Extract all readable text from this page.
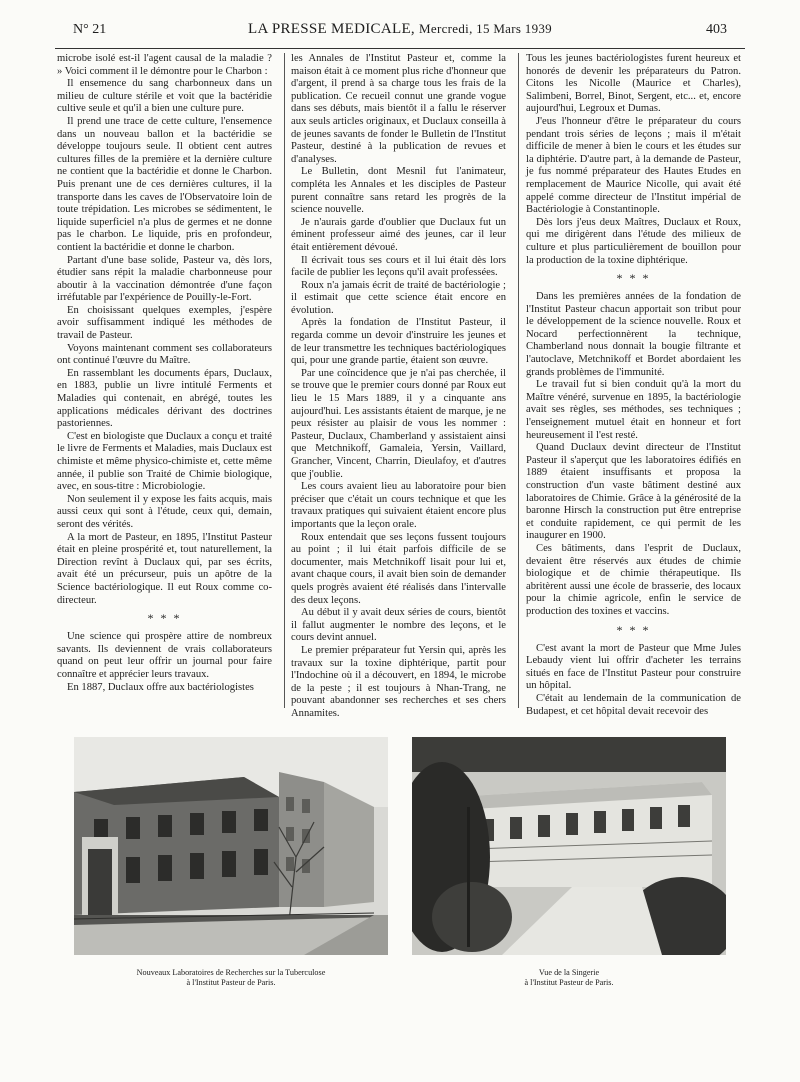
N° 21	LA PRESSE MEDICALE, Mercredi, 15 Mars 1939	403

microbe isolé est-il l'agent causal de la maladie ? » Voici comment il le démontre pour le Charbon :

Il ensemence du sang charbonneux dans un milieu de culture stérile et voit que la bactéridie cultive seule et qu'il a bien une culture pure.

Il prend une trace de cette culture, l'ensemence dans un nouveau ballon et la bactéridie se développe toujours seule. Il obtient cent autres cultures filles de la première et la dernière culture ne contient que la bactéridie et donne le Charbon. Puis prenant une de ces dernières cultures, il la transporte dans les caves de l'Observatoire loin de toute trépidation. Les microbes se sédimentent, le liquide superficiel n'a plus de germes et ne donne pas le charbon. Le liquide, pris en profondeur, contient la bactéridie et donne le charbon.

Partant d'une base solide, Pasteur va, dès lors, étudier sans répit la maladie charbonneuse pour aboutir à la vaccination démontrée d'une façon irréfutable par l'expérience de Pouilly-le-Fort.

En choisissant quelques exemples, j'espère avoir suffisamment indiqué les méthodes de travail de Pasteur.

Voyons maintenant comment ses collaborateurs ont continué l'œuvre du Maître.

En rassemblant les documents épars, Duclaux, en 1883, publie un livre intitulé Ferments et Maladies qui contenait, en abrégé, toutes les applications médicales dérivant des doctrines pastoriennes.

C'est en biologiste que Duclaux a conçu et traité le livre de Ferments et Maladies, mais Duclaux est chimiste et même physico-chimiste et, cette même année, il publie son Traité de Chimie biologique, avec, en sous-titre : Microbiologie.

Non seulement il y expose les faits acquis, mais aussi ceux qui sont à l'étude, ceux qui, demain, seront des vérités.

A la mort de Pasteur, en 1895, l'Institut Pasteur était en pleine prospérité et, tout naturellement, la Direction revînt à Duclaux qui, par ses écrits, avait été un précurseur, puis un apôtre de la Science bactériologique. Il eut Roux comme co-directeur.

* * *

Une science qui prospère attire de nombreux savants. Ils deviennent de vrais collaborateurs quand on peut leur offrir un journal pour faire connaître et apprécier leurs travaux.

En 1887, Duclaux offre aux bactériologistes

les Annales de l'Institut Pasteur et, comme la maison était à ce moment plus riche d'honneur que d'argent, il prend à sa charge tous les frais de la publication. Ce recueil connut une grande vogue dans ses débuts, mais bientôt il a fallu le réserver aux seuls articles originaux, et Duclaux conseilla à de jeunes savants de fonder le Bulletin de l'Institut Pasteur, destiné à la publication de revues et d'analyses.

Le Bulletin, dont Mesnil fut l'animateur, compléta les Annales et les disciples de Pasteur purent connaître sans retard les progrès de la science nouvelle.

Je n'aurais garde d'oublier que Duclaux fut un éminent professeur aimé des jeunes, car il leur était entièrement dévoué.

Il écrivait tous ses cours et il lui était dès lors facile de publier les leçons qu'il avait professées.

Roux n'a jamais écrit de traité de bactériologie ; il estimait que cette science était encore en évolution.

Après la fondation de l'Institut Pasteur, il regarda comme un devoir d'instruire les jeunes et de leur transmettre les techniques bactériologiques qui, pour une grande partie, étaient son œuvre.

Par une coïncidence que je n'ai pas cherchée, il se trouve que le premier cours donné par Roux eut lieu le 15 Mars 1889, il y a cinquante ans aujourd'hui. Les assistants étaient de marque, je ne peux résister au plaisir de vous les nommer : Pasteur, Duclaux, Chamberland y assistaient ainsi que Metchnikoff, Gamaleia, Yersin, Vaillard, Grancher, Vincent, Charrin, Dieulafoy, et d'autres que j'oublie.

Les cours avaient lieu au laboratoire pour bien préciser que c'était un cours technique et que les travaux pratiques qui suivaient étaient encore plus importants que la leçon orale.

Roux entendait que ses leçons fussent toujours au point ; il lui était parfois difficile de se documenter, mais Metchnikoff lisait pour lui et, avant chaque cours, il avait bien soin de demander quels progrès avaient été réalisés dans l'intervalle des deux leçons.

Au début il y avait deux séries de cours, bientôt il fallut augmenter le nombre des leçons, et le cours devint annuel.

Le premier préparateur fut Yersin qui, après les travaux sur la toxine diphtérique, partit pour l'Indochine où il a découvert, en 1894, le microbe de la peste ; il est toujours à Nhan-Trang, ne pouvant abandonner ses recherches et ses chers Annamites.

Tous les jeunes bactériologistes furent heureux et honorés de devenir les préparateurs du Patron. Citons les Nicolle (Maurice et Charles), Salimbeni, Borrel, Binot, Sergent, etc... et, encore aujourd'hui, Legroux et Dumas.

J'eus l'honneur d'être le préparateur du cours pendant trois séries de leçons ; mais il m'était difficile de mener à bien le cours et les études sur la diphtérie. D'autre part, à la demande de Pasteur, je fus nommé préparateur des Hautes Etudes en remplacement de Maurice Nicolle, qui avait été appelé comme directeur de l'Institut impérial de Bactériologie à Constantinople.

Dès lors j'eus deux Maîtres, Duclaux et Roux, qui me dirigèrent dans l'étude des milieux de culture et plus particulièrement de bouillon pour la production de la toxine diphtérique.

* * *

Dans les premières années de la fondation de l'Institut Pasteur chacun apportait son tribut pour le développement de la science nouvelle. Roux et Nocard perfectionnèrent la technique, Chamberland nous donnait la bougie filtrante et l'autoclave, Metchnikoff et Bordet abordaient les grands problèmes de l'immunité.

Le travail fut si bien conduit qu'à la mort du Maître vénéré, survenue en 1895, la bactériologie avait ses règles, ses méthodes, ses techniques ; l'enseignement mutuel était en honneur et fort heureusement il l'est resté.

Quand Duclaux devint directeur de l'Institut Pasteur il s'aperçut que les laboratoires édifiés en 1889 étaient insuffisants et proposa la construction d'un vaste bâtiment destiné aux laboratoires de Chimie. Grâce à la générosité de la baronne Hirsch la construction put être entreprise et conduite rapidement, ce qui permit de les inaugurer en 1900.

Ces bâtiments, dans l'esprit de Duclaux, devaient être réservés aux études de chimie biologique et de chimie thérapeutique. Ils abritèrent aussi une école de brasserie, des locaux pour la chimie agricole, enfin le service de production des toxines et vaccins.

* * *

C'est avant la mort de Pasteur que Mme Jules Lebaudy vient lui offrir d'acheter les terrains situés en face de l'Institut Pasteur pour construire un hôpital.

C'était au lendemain de la communication de Budapest, et cet hôpital devait recevoir des

Nouveaux Laboratoires de Recherches sur la Tuberculose
à l'Institut Pasteur de Paris.
Vue de la Singerie
à l'Institut Pasteur de Paris.
